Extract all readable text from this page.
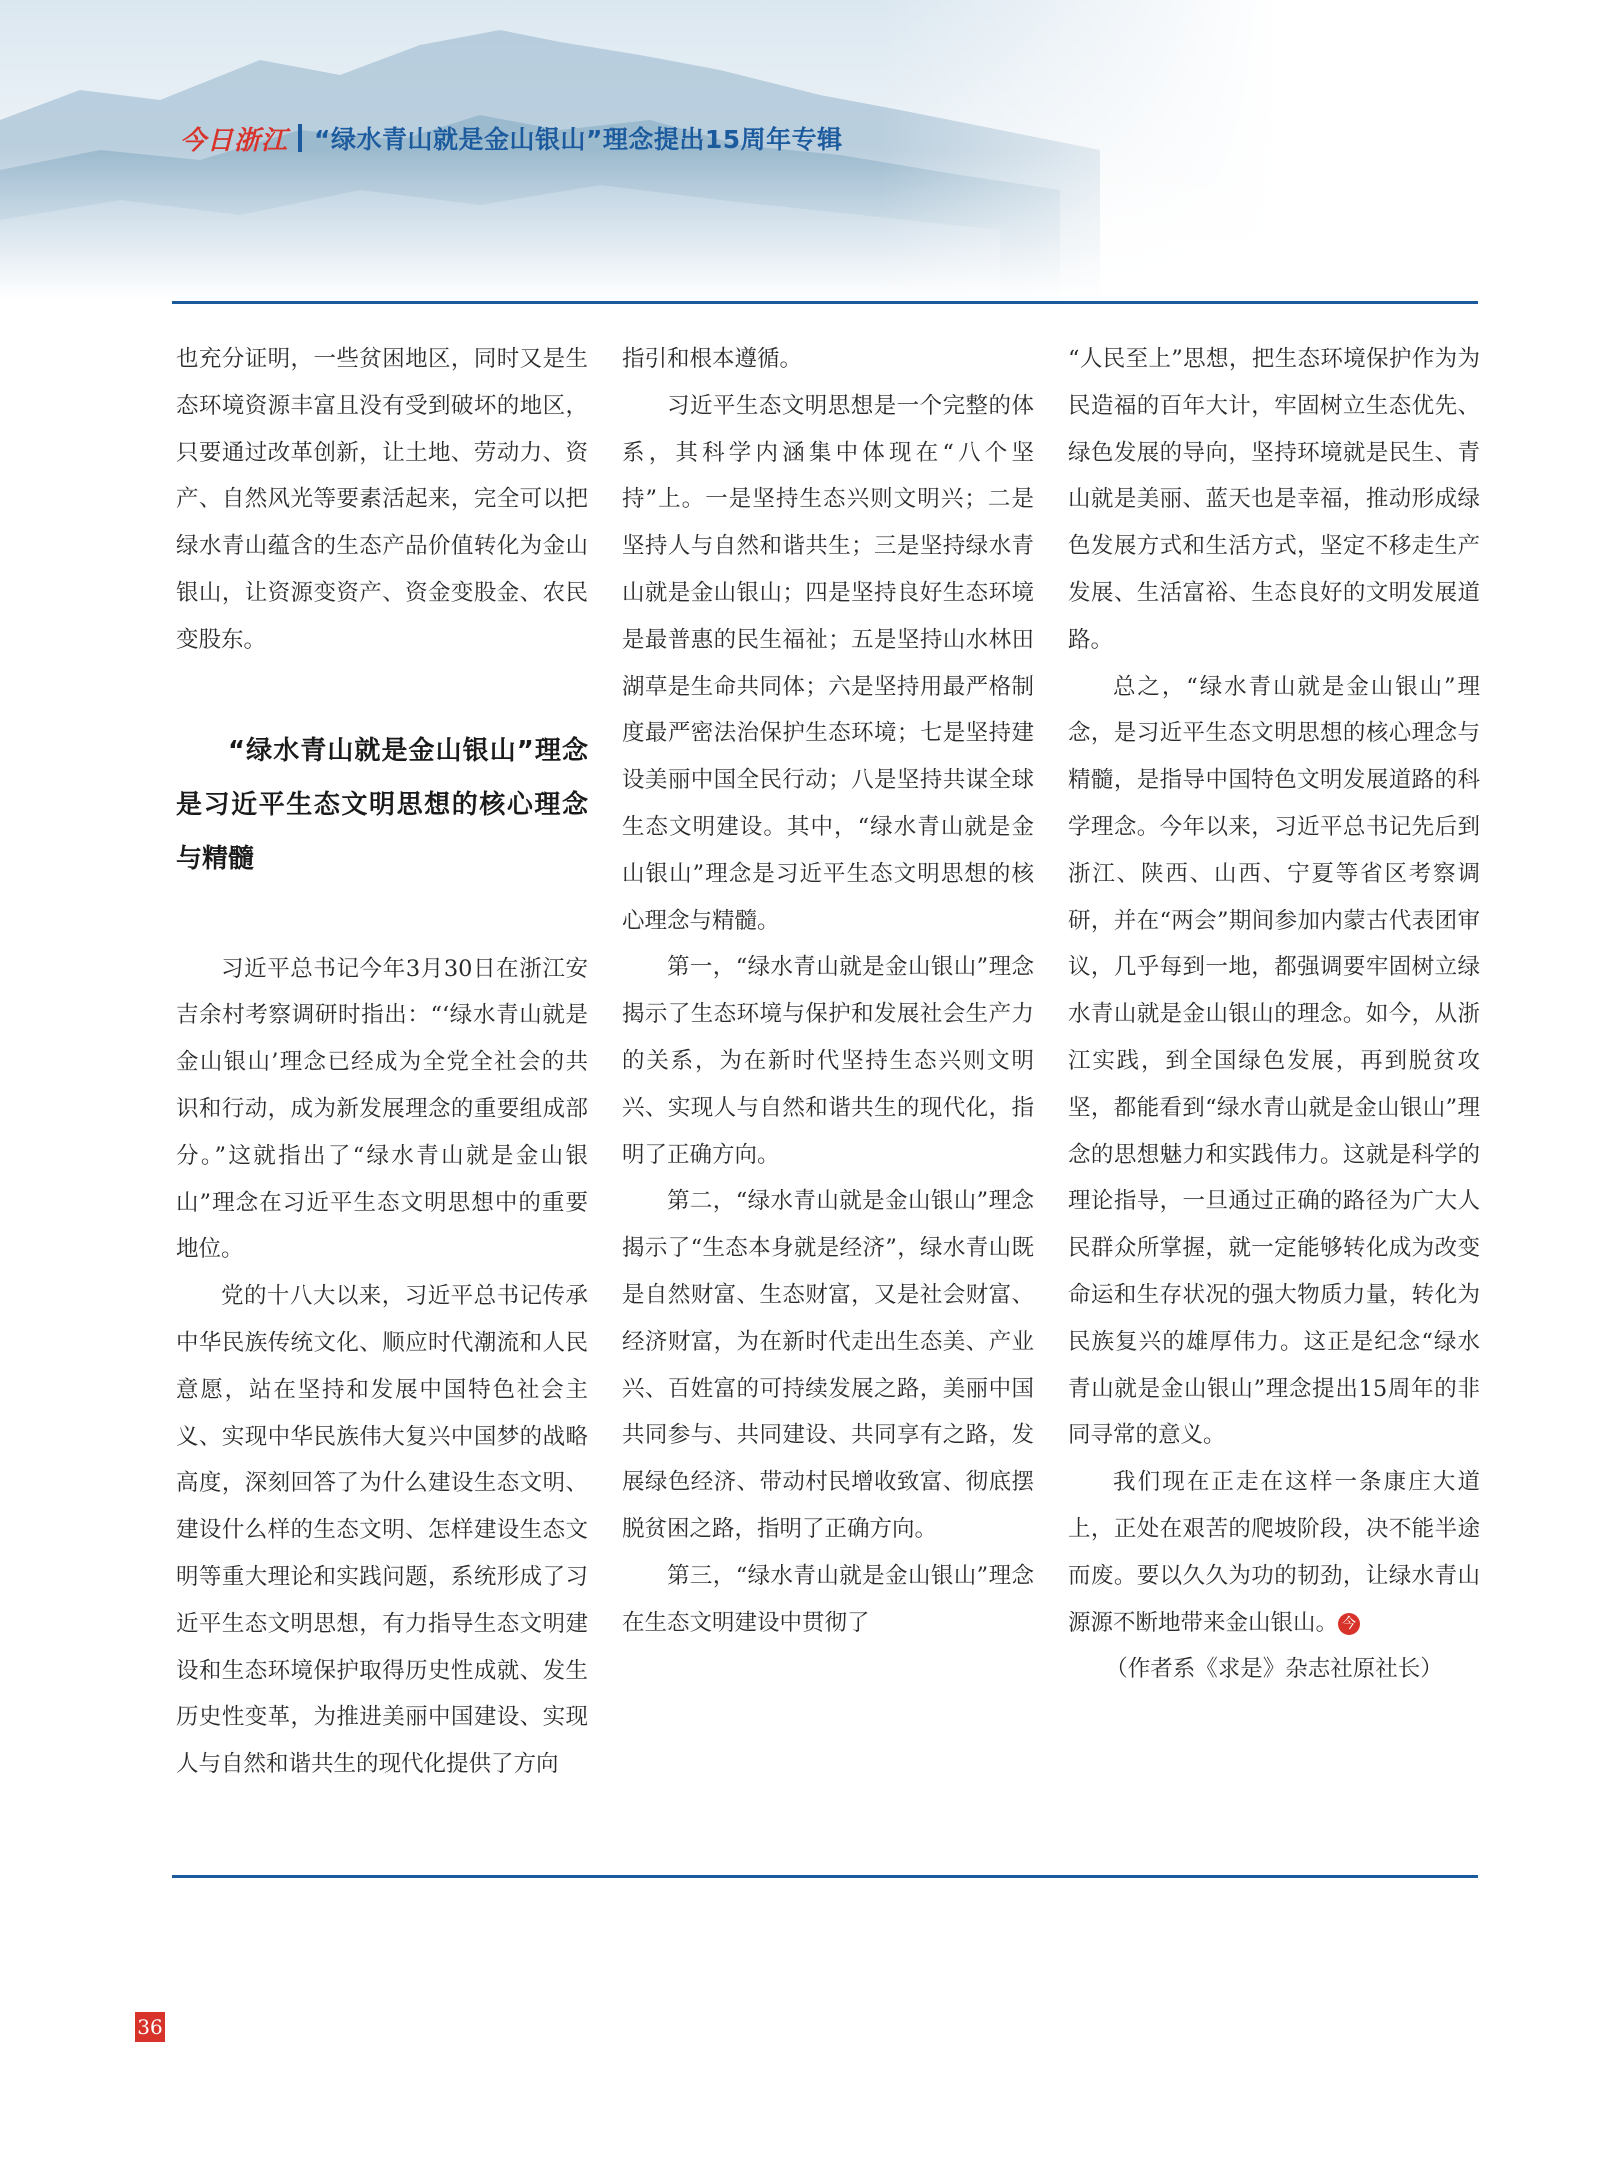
今日浙江 “绿水青山就是金山银山”理念提出15周年专辑

也充分证明，一些贫困地区，同时又是生态环境资源丰富且没有受到破坏的地区，只要通过改革创新，让土地、劳动力、资产、自然风光等要素活起来，完全可以把绿水青山蕴含的生态产品价值转化为金山银山，让资源变资产、资金变股金、农民变股东。

“绿水青山就是金山银山”理念是习近平生态文明思想的核心理念与精髓

习近平总书记今年3月30日在浙江安吉余村考察调研时指出：“‘绿水青山就是金山银山’理念已经成为全党全社会的共识和行动，成为新发展理念的重要组成部分。”这就指出了“绿水青山就是金山银山”理念在习近平生态文明思想中的重要地位。

党的十八大以来，习近平总书记传承中华民族传统文化、顺应时代潮流和人民意愿，站在坚持和发展中国特色社会主义、实现中华民族伟大复兴中国梦的战略高度，深刻回答了为什么建设生态文明、建设什么样的生态文明、怎样建设生态文明等重大理论和实践问题，系统形成了习近平生态文明思想，有力指导生态文明建设和生态环境保护取得历史性成就、发生历史性变革，为推进美丽中国建设、实现人与自然和谐共生的现代化提供了方向

指引和根本遵循。

习近平生态文明思想是一个完整的体系，其科学内涵集中体现在“八个坚持”上。一是坚持生态兴则文明兴；二是坚持人与自然和谐共生；三是坚持绿水青山就是金山银山；四是坚持良好生态环境是最普惠的民生福祉；五是坚持山水林田湖草是生命共同体；六是坚持用最严格制度最严密法治保护生态环境；七是坚持建设美丽中国全民行动；八是坚持共谋全球生态文明建设。其中，“绿水青山就是金山银山”理念是习近平生态文明思想的核心理念与精髓。

第一，“绿水青山就是金山银山”理念揭示了生态环境与保护和发展社会生产力的关系，为在新时代坚持生态兴则文明兴、实现人与自然和谐共生的现代化，指明了正确方向。

第二，“绿水青山就是金山银山”理念揭示了“生态本身就是经济”，绿水青山既是自然财富、生态财富，又是社会财富、经济财富，为在新时代走出生态美、产业兴、百姓富的可持续发展之路，美丽中国共同参与、共同建设、共同享有之路，发展绿色经济、带动村民增收致富、彻底摆脱贫困之路，指明了正确方向。

第三，“绿水青山就是金山银山”理念在生态文明建设中贯彻了

“人民至上”思想，把生态环境保护作为为民造福的百年大计，牢固树立生态优先、绿色发展的导向，坚持环境就是民生、青山就是美丽、蓝天也是幸福，推动形成绿色发展方式和生活方式，坚定不移走生产发展、生活富裕、生态良好的文明发展道路。

总之，“绿水青山就是金山银山”理念，是习近平生态文明思想的核心理念与精髓，是指导中国特色文明发展道路的科学理念。今年以来，习近平总书记先后到浙江、陕西、山西、宁夏等省区考察调研，并在“两会”期间参加内蒙古代表团审议，几乎每到一地，都强调要牢固树立绿水青山就是金山银山的理念。如今，从浙江实践，到全国绿色发展，再到脱贫攻坚，都能看到“绿水青山就是金山银山”理念的思想魅力和实践伟力。这就是科学的理论指导，一旦通过正确的路径为广大人民群众所掌握，就一定能够转化成为改变命运和生存状况的强大物质力量，转化为民族复兴的雄厚伟力。这正是纪念“绿水青山就是金山银山”理念提出15周年的非同寻常的意义。

我们现在正走在这样一条康庄大道上，正处在艰苦的爬坡阶段，决不能半途而废。要以久久为功的韧劲，让绿水青山源源不断地带来金山银山。 今

（作者系《求是》杂志社原社长）

36
